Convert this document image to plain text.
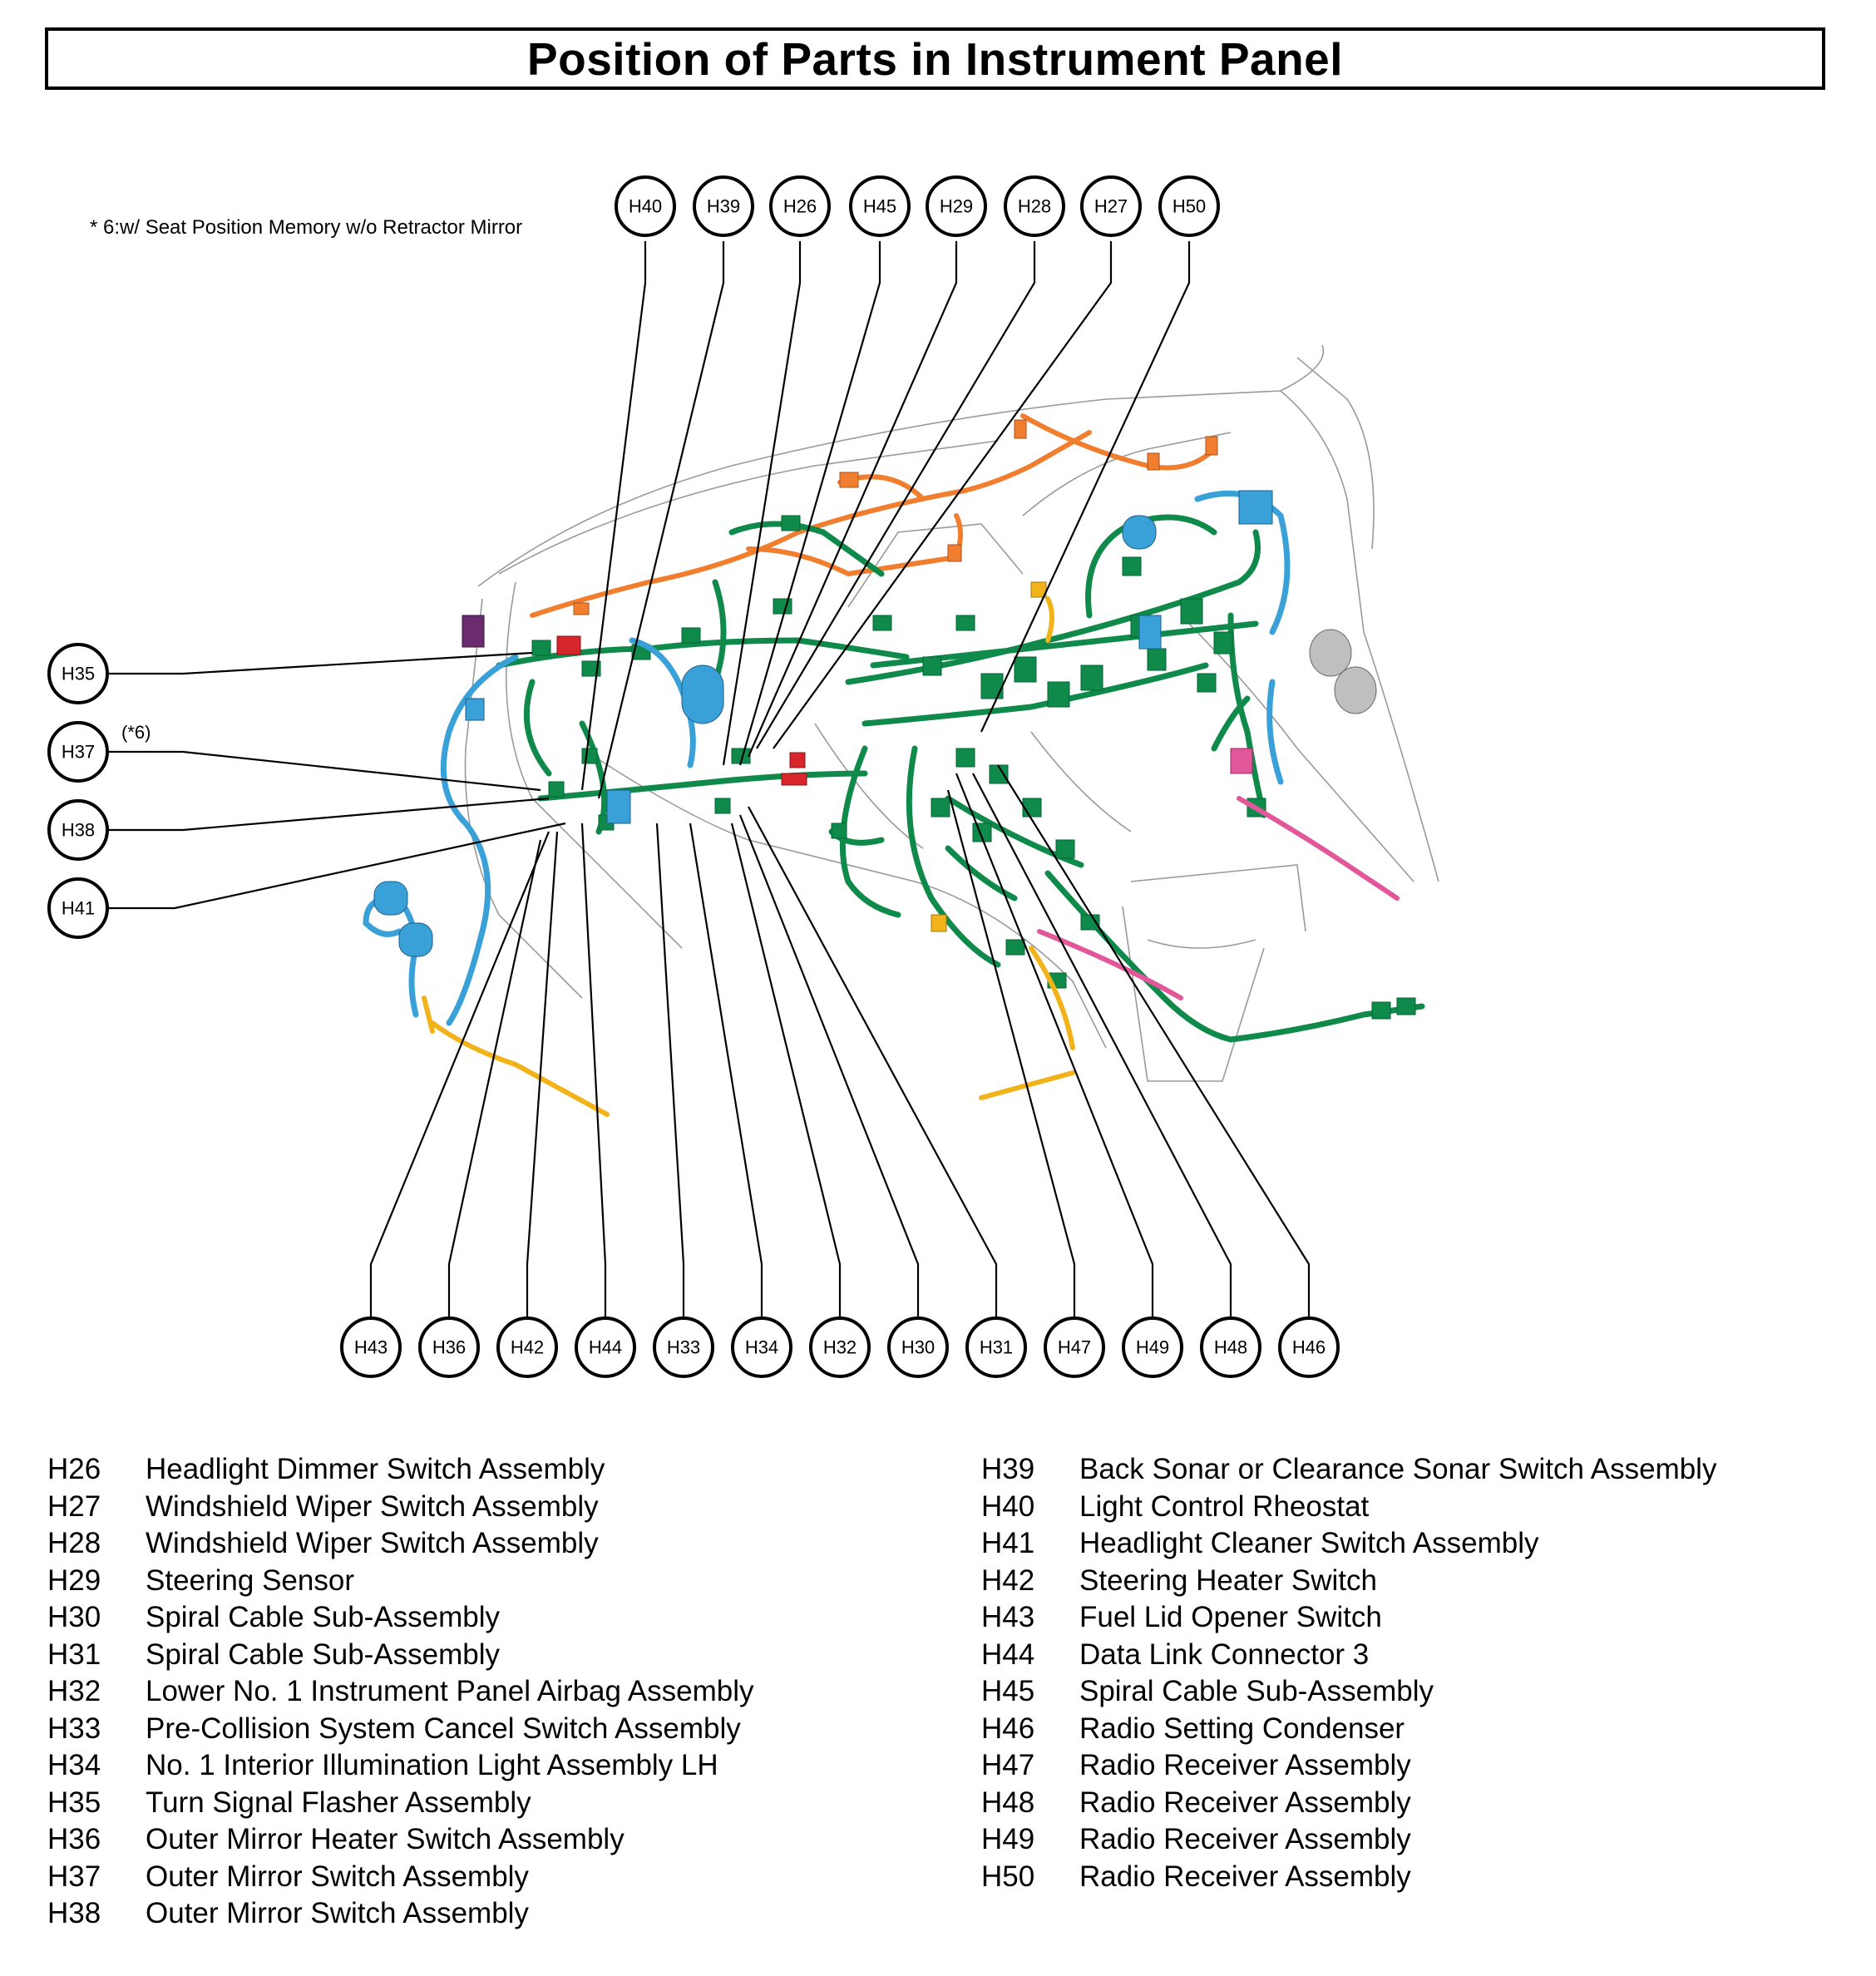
Position of Parts in Instrument Panel
* 6:w/ Seat Position Memory w/o Retractor Mirror
H40 H39 H26	H45 H29 H28 H27 H50
H35
H37
(*6)
H38
H41
H43 H36 H42 H44 H33 H34 H32 H30 H31 H47 H49 H48 H46
H26	Headlight Dimmer Switch Assembly
H27	Windshield Wiper Switch Assembly
H28	Windshield Wiper Switch Assembly
H29	Steering Sensor
H30	Spiral Cable Sub-Assembly
H31	Spiral Cable Sub-Assembly
H32	Lower No. 1 Instrument Panel Airbag Assembly
H33	Pre-Collision System Cancel Switch Assembly
H34	No. 1 Interior Illumination Light Assembly LH
H35	Turn Signal Flasher Assembly
H36	Outer Mirror Heater Switch Assembly
H37	Outer Mirror Switch Assembly
H38	Outer Mirror Switch Assembly
H39	Back Sonar or Clearance Sonar Switch Assembly
H40	Light Control Rheostat
H41	Headlight Cleaner Switch Assembly
H42	Steering Heater Switch
H43	Fuel Lid Opener Switch
H44	Data Link Connector 3
H45	Spiral Cable Sub-Assembly
H46	Radio Setting Condenser
H47	Radio Receiver Assembly
H48	Radio Receiver Assembly
H49	Radio Receiver Assembly
H50	Radio Receiver Assembly
